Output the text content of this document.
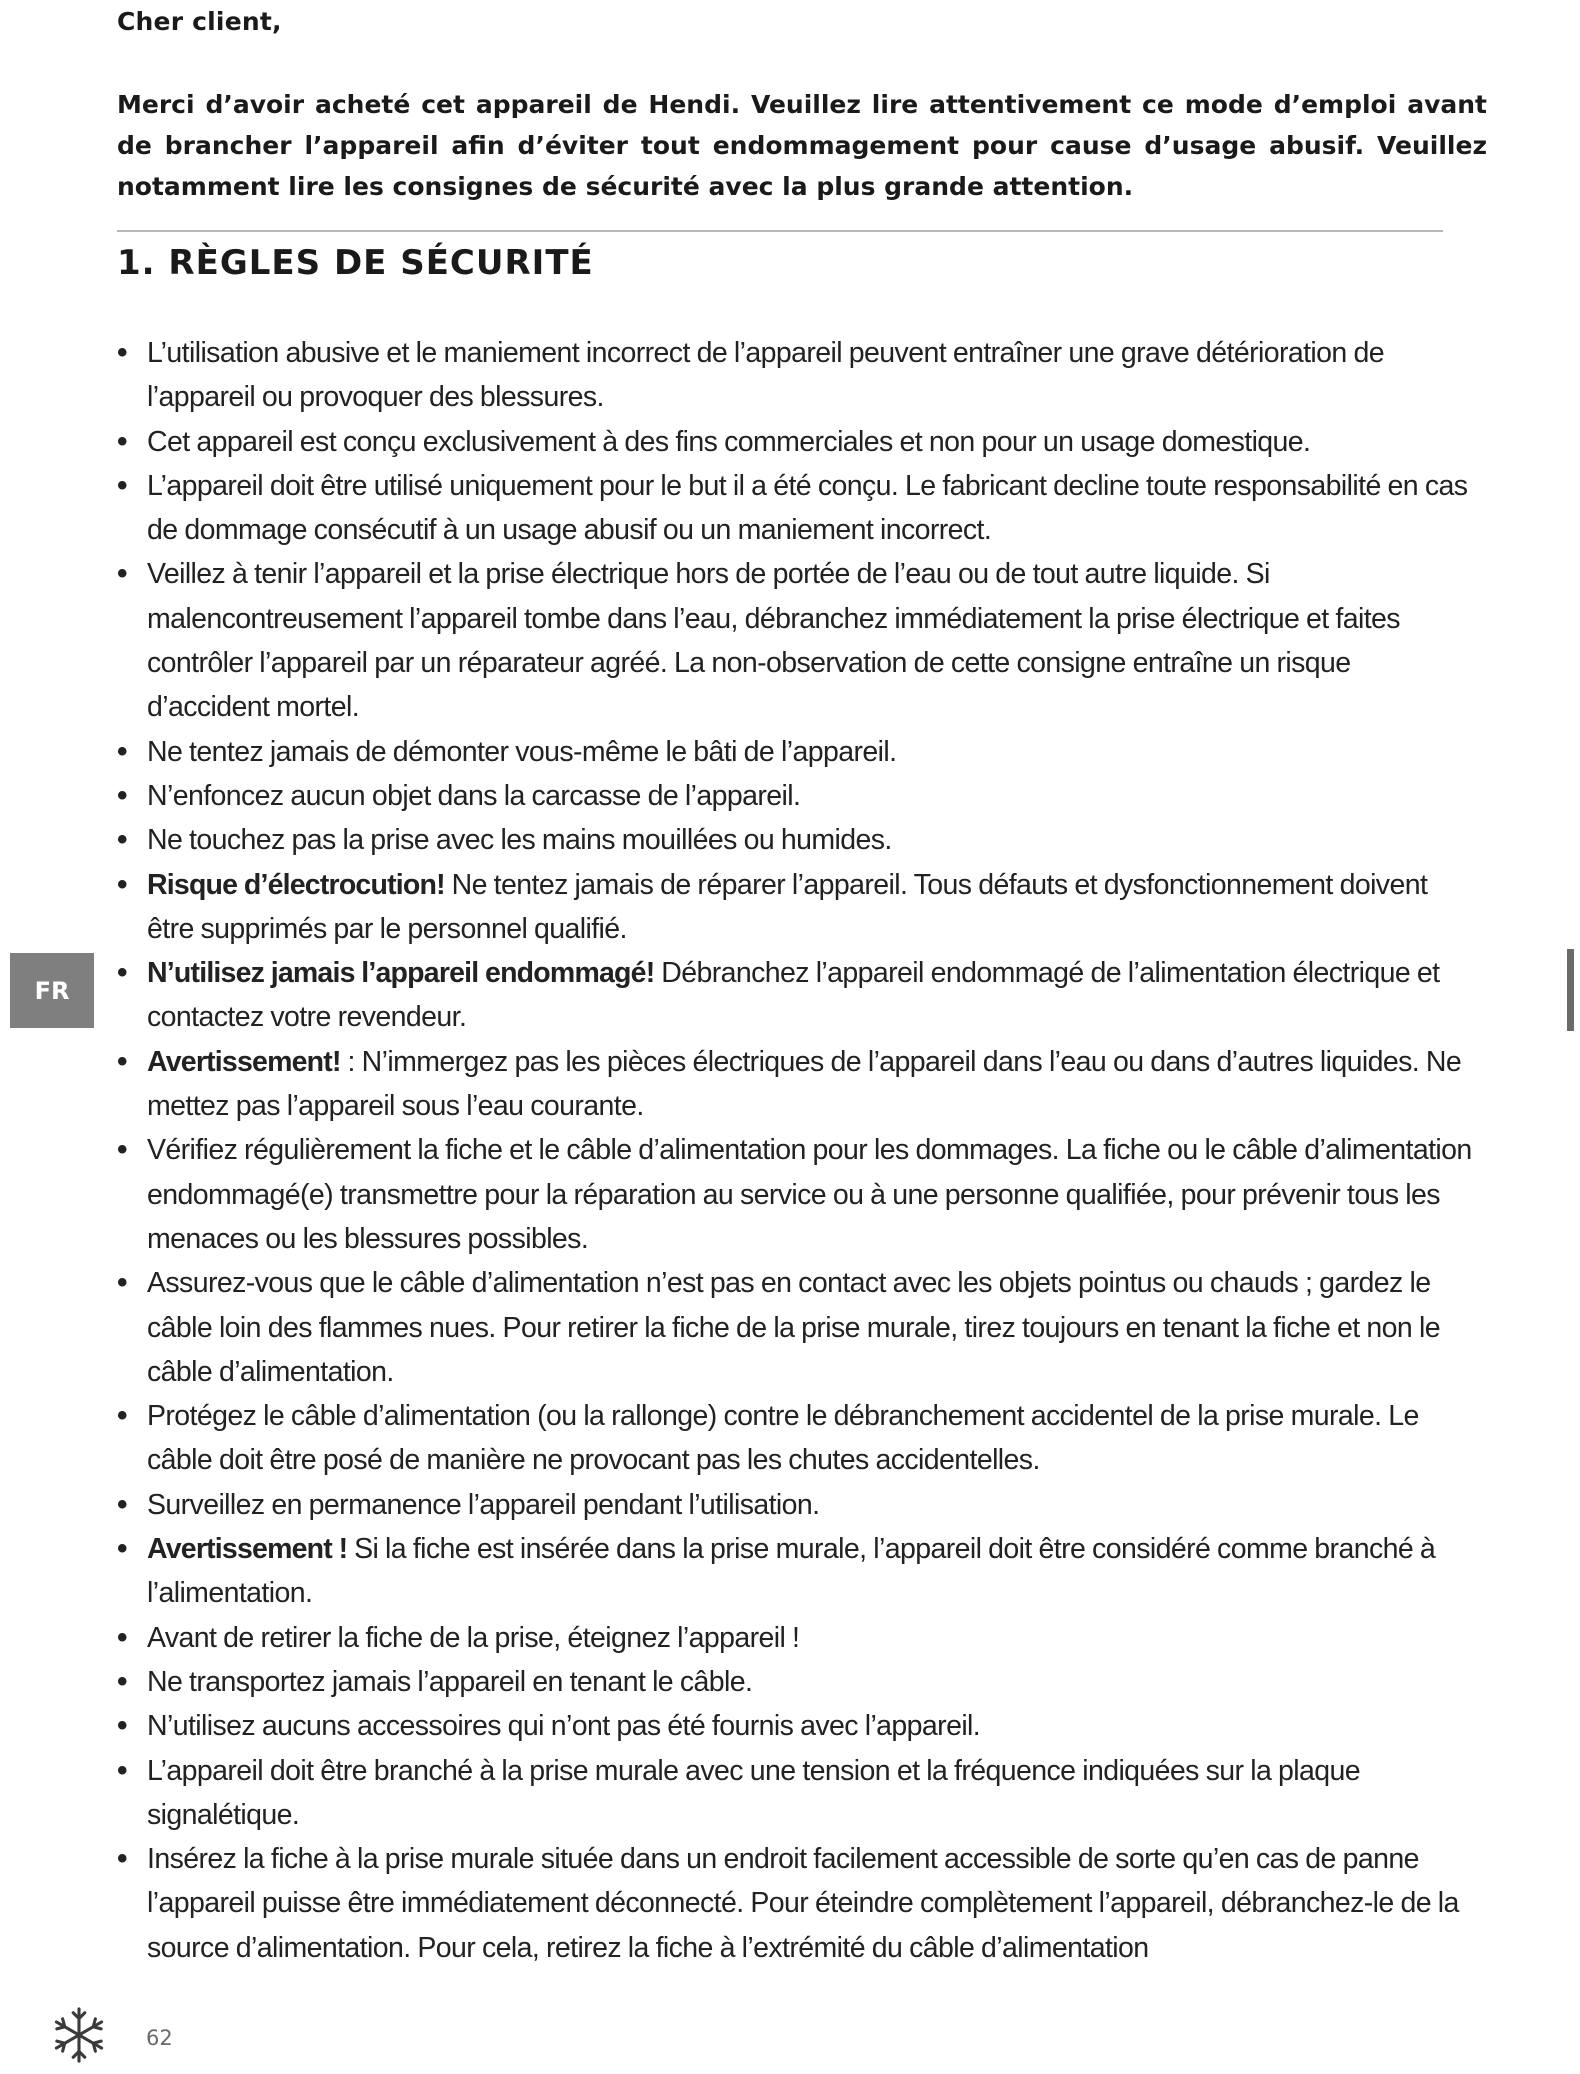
Cher client,

Merci d’avoir acheté cet appareil de Hendi. Veuillez lire attentivement ce mode d’emploi avant de brancher l’appareil afin d’éviter tout endommagement pour cause d’usage abusif. Veuillez notamment lire les consignes de sécurité avec la plus grande attention.

1. RÈGLES DE SÉCURITÉ
• L’utilisation abusive et le maniement incorrect de l’appareil peuvent entraîner une grave détérioration de l’appareil ou provoquer des blessures.
• Cet appareil est conçu exclusivement à des fins commerciales et non pour un usage domestique.
• L’appareil doit être utilisé uniquement pour le but il a été conçu. Le fabricant decline toute responsabilité en cas de dommage consécutif à un usage abusif ou un maniement incorrect.
• Veillez à tenir l’appareil et la prise électrique hors de portée de l’eau ou de tout autre liquide. Si malencontreusement l’appareil tombe dans l’eau, débranchez immédiatement la prise électrique et faites contrôler l’appareil par un réparateur agréé. La non-observation de cette consigne entraîne un risque d’accident mortel.
• Ne tentez jamais de démonter vous-même le bâti de l’appareil.
• N’enfoncez aucun objet dans la carcasse de l’appareil.
• Ne touchez pas la prise avec les mains mouillées ou humides.
• Risque d’électrocution! Ne tentez jamais de réparer l’appareil. Tous défauts et dysfonctionnement doivent être supprimés par le personnel qualifié.
• N’utilisez jamais l’appareil endommagé! Débranchez l’appareil endommagé de l’alimentation électrique et contactez votre revendeur.
• Avertissement! : N’immergez pas les pièces électriques de l’appareil dans l’eau ou dans d’autres liquides. Ne mettez pas l’appareil sous l’eau courante.
• Vérifiez régulièrement la fiche et le câble d’alimentation pour les dommages. La fiche ou le câble d’alimentation endommagé(e) transmettre pour la réparation au service ou à une personne qualifiée, pour prévenir tous les menaces ou les blessures possibles.
• Assurez-vous que le câble d’alimentation n’est pas en contact avec les objets pointus ou chauds ; gardez le câble loin des flammes nues. Pour retirer la fiche de la prise murale, tirez toujours en tenant la fiche et non le câble d’alimentation.
• Protégez le câble d’alimentation (ou la rallonge) contre le débranchement accidentel de la prise murale. Le câble doit être posé de manière ne provocant pas les chutes accidentelles.
• Surveillez en permanence l’appareil pendant l’utilisation.
• Avertissement ! Si la fiche est insérée dans la prise murale, l’appareil doit être considéré comme branché à l’alimentation.
• Avant de retirer la fiche de la prise, éteignez l’appareil !
• Ne transportez jamais l’appareil en tenant le câble.
• N’utilisez aucuns accessoires qui n’ont pas été fournis avec l’appareil.
• L’appareil doit être branché à la prise murale avec une tension et la fréquence indiquées sur la plaque signalétique.
• Insérez la fiche à la prise murale située dans un endroit facilement accessible de sorte qu’en cas de panne l’appareil puisse être immédiatement déconnecté. Pour éteindre complètement l’appareil, débranchez-le de la source d’alimentation. Pour cela, retirez la fiche à l’extrémité du câble d’alimentation
FR
62
